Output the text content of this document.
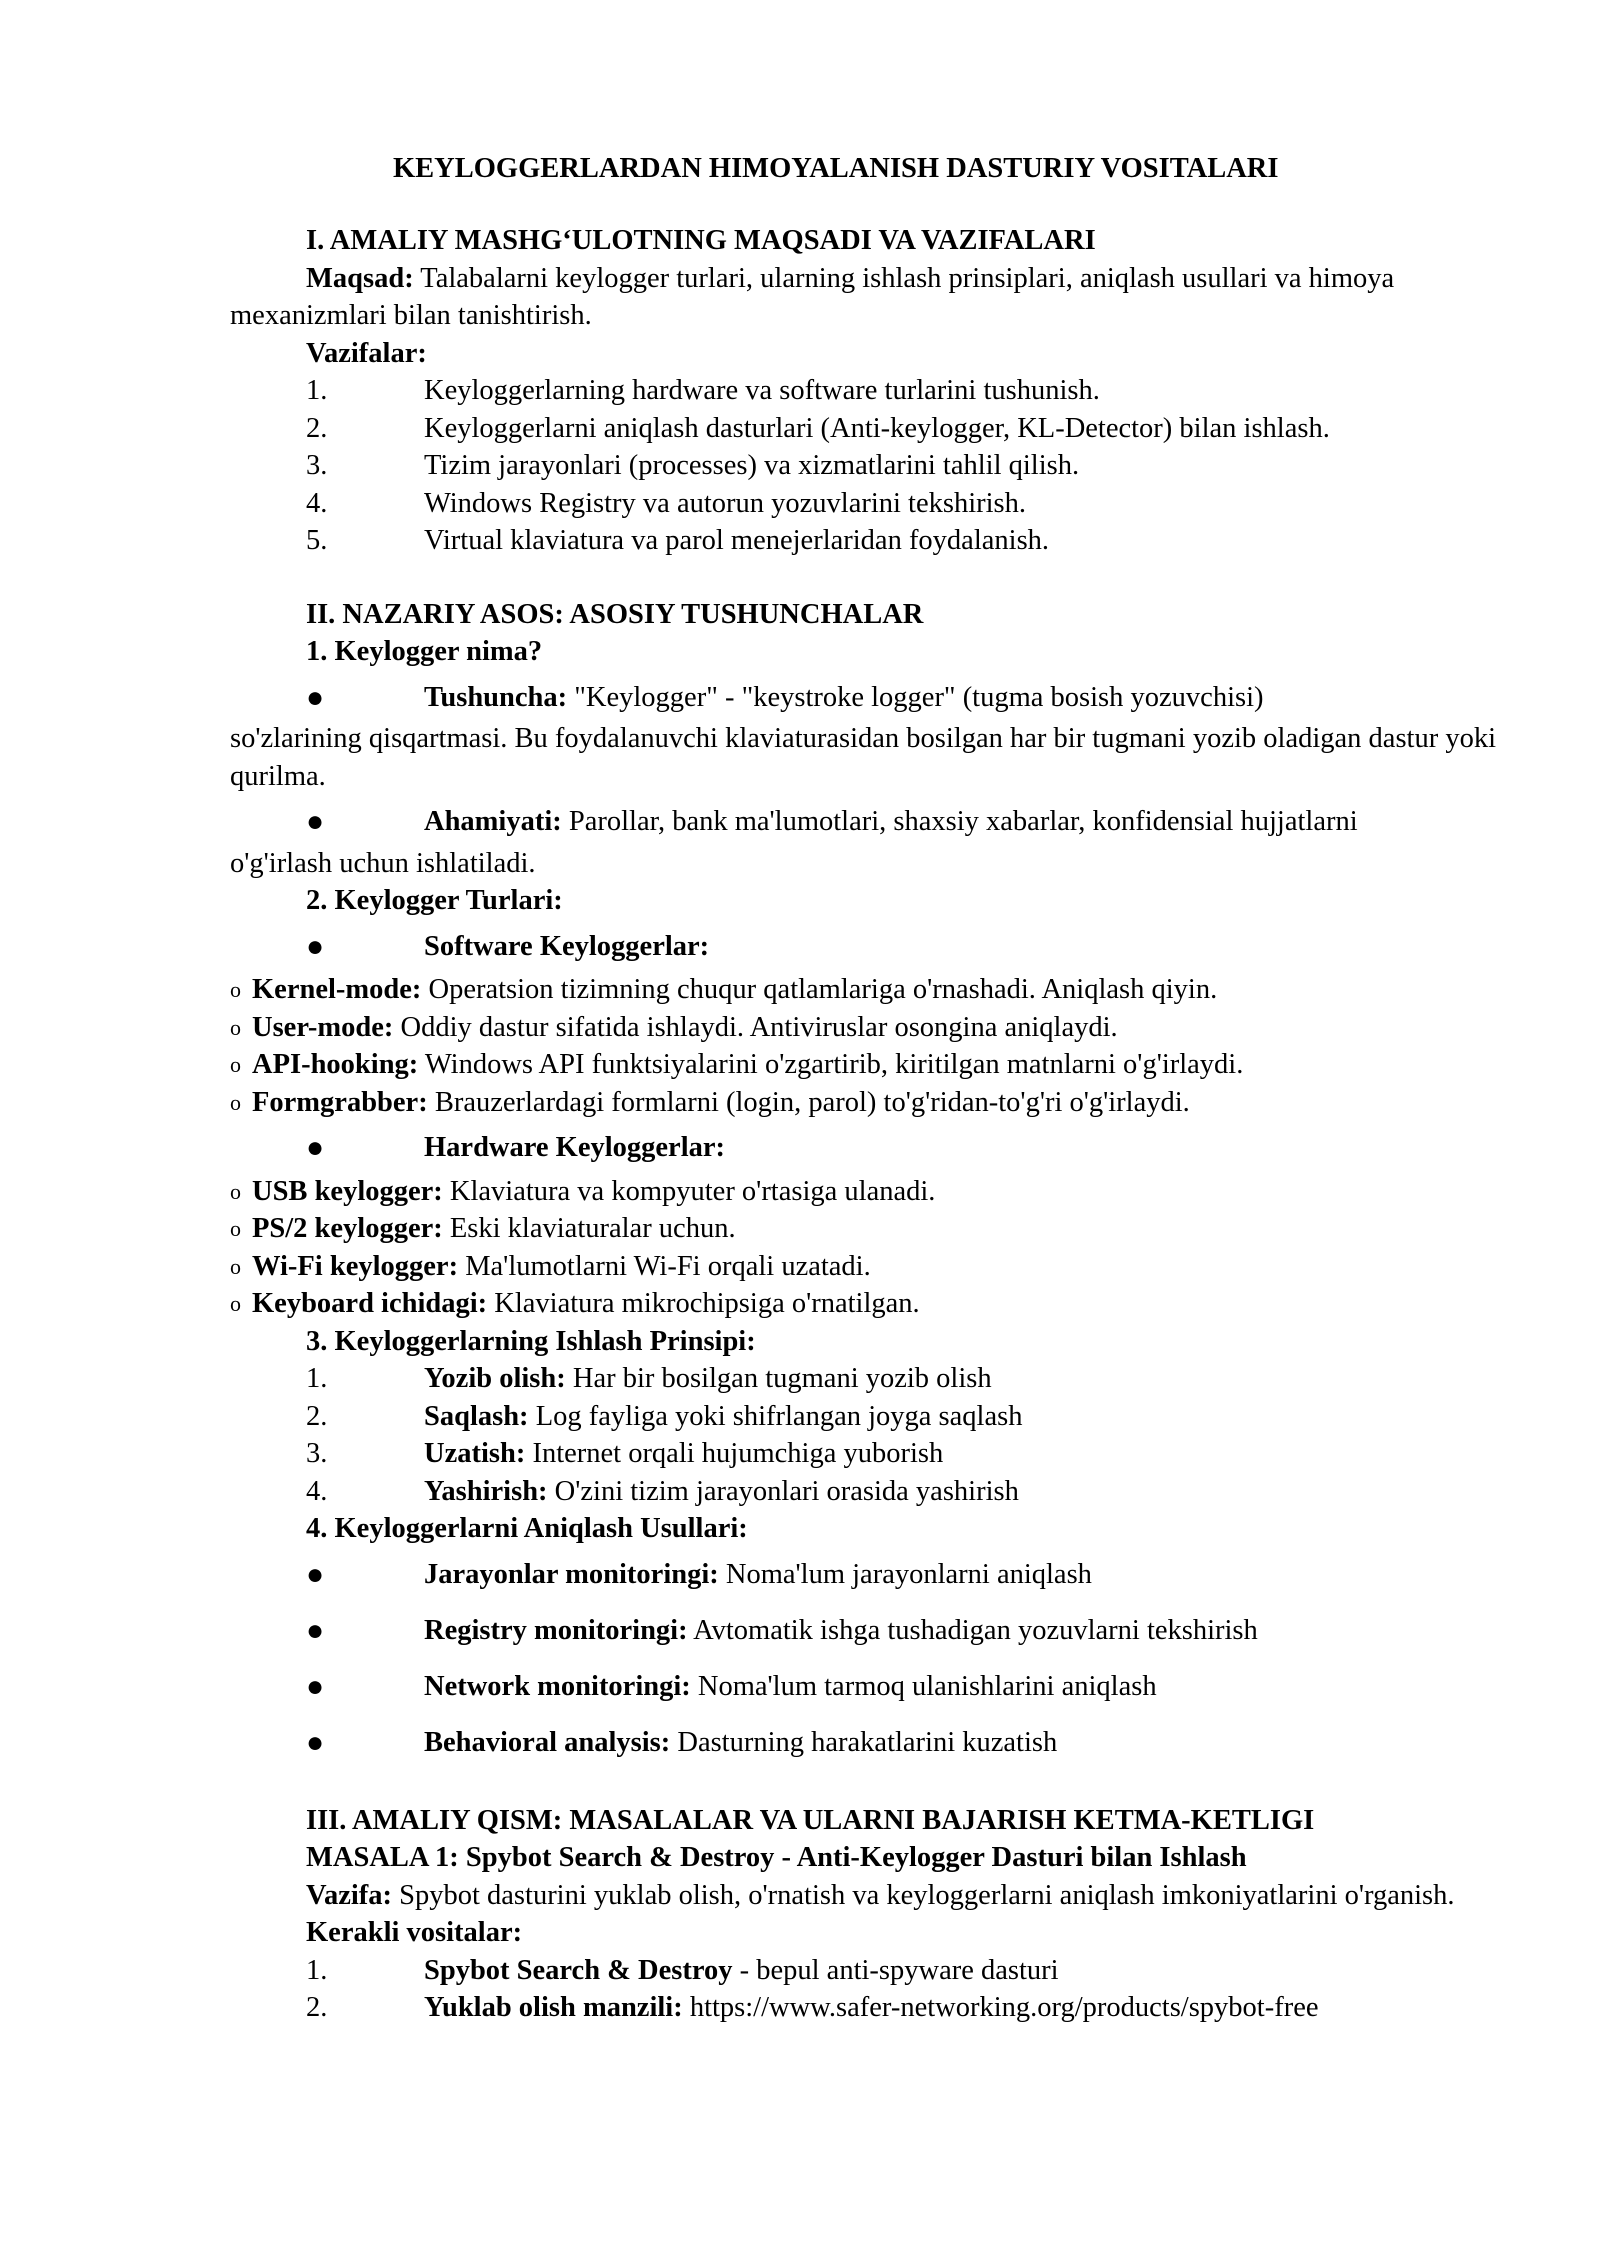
KEYLOGGERLARDAN HIMOYALANISH DASTURIY VOSITALARI
I. AMALIY MASHG‘ULOTNING MAQSADI VA VAZIFALARI
Maqsad: Talabalarni keylogger turlari, ularning ishlash prinsiplari, aniqlash usullari va himoya mexanizmlari bilan tanishtirish.
Vazifalar:
1.	Keyloggerlarning hardware va software turlarini tushunish.
2.	Keyloggerlarni aniqlash dasturlari (Anti-keylogger, KL-Detector) bilan ishlash.
3.	Tizim jarayonlari (processes) va xizmatlarini tahlil qilish.
4.	Windows Registry va autorun yozuvlarini tekshirish.
5.	Virtual klaviatura va parol menejerlaridan foydalanish.
II. NAZARIY ASOS: ASOSIY TUSHUNCHALAR
1. Keylogger nima?
●	Tushuncha: "Keylogger" - "keystroke logger" (tugma bosish yozuvchisi)
so'zlarining qisqartmasi. Bu foydalanuvchi klaviaturasidan bosilgan har bir tugmani yozib oladigan dastur yoki qurilma.
●	Ahamiyati: Parollar, bank ma'lumotlari, shaxsiy xabarlar, konfidensial hujjatlarni
o'g'irlash uchun ishlatiladi.
2. Keylogger Turlari:
●	Software Keyloggerlar:
o Kernel-mode: Operatsion tizimning chuqur qatlamlariga o'rnashadi. Aniqlash qiyin.
o User-mode: Oddiy dastur sifatida ishlaydi. Antiviruslar osongina aniqlaydi.
o API-hooking: Windows API funktsiyalarini o'zgartirib, kiritilgan matnlarni o'g'irlaydi.
o Formgrabber: Brauzerlardagi formlarni (login, parol) to'g'ridan-to'g'ri o'g'irlaydi.
●	Hardware Keyloggerlar:
o USB keylogger: Klaviatura va kompyuter o'rtasiga ulanadi.
o PS/2 keylogger: Eski klaviaturalar uchun.
o Wi-Fi keylogger: Ma'lumotlarni Wi-Fi orqali uzatadi.
o Keyboard ichidagi: Klaviatura mikrochipsiga o'rnatilgan.
3. Keyloggerlarning Ishlash Prinsipi:
1.	Yozib olish: Har bir bosilgan tugmani yozib olish
2.	Saqlash: Log fayliga yoki shifrlangan joyga saqlash
3.	Uzatish: Internet orqali hujumchiga yuborish
4.	Yashirish: O'zini tizim jarayonlari orasida yashirish
4. Keyloggerlarni Aniqlash Usullari:
●	Jarayonlar monitoringi: Noma'lum jarayonlarni aniqlash
●	Registry monitoringi: Avtomatik ishga tushadigan yozuvlarni tekshirish
●	Network monitoringi: Noma'lum tarmoq ulanishlarini aniqlash
●	Behavioral analysis: Dasturning harakatlarini kuzatish
III. AMALIY QISM: MASALALAR VA ULARNI BAJARISH KETMA-KETLIGI
MASALA 1: Spybot Search & Destroy - Anti-Keylogger Dasturi bilan Ishlash
Vazifa: Spybot dasturini yuklab olish, o'rnatish va keyloggerlarni aniqlash imkoniyatlarini o'rganish.
Kerakli vositalar:
1.	Spybot Search & Destroy - bepul anti-spyware dasturi
2.	Yuklab olish manzili: https://www.safer-networking.org/products/spybot-free
